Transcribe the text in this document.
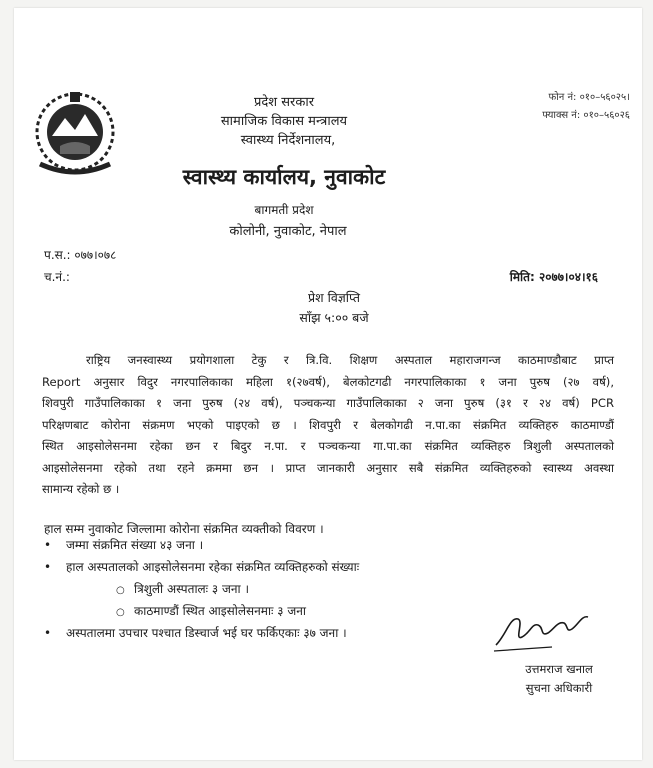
प्रदेश सरकार
सामाजिक विकास मन्त्रालय
स्वास्थ्य निर्देशनालय,
स्वास्थ्य कार्यालय, नुवाकोट
बागमती प्रदेश
कोलोनी, नुवाकोट, नेपाल
फोन नं: ०१०–५६०२५।
फ्याक्स नं: ०१०–५६०२६
प.स.: ०७७।०७८
च.नं.:	मिति: २०७७।०४।१६
प्रेश विज्ञप्ति
साँझ ५:०० बजे
राष्ट्रिय जनस्वास्थ्य प्रयोगशाला टेकु र त्रि.वि. शिक्षण अस्पताल महाराजगन्ज काठमाण्डौबाट प्राप्त
Report अनुसार विदुर नगरपालिकाका महिला १(२७वर्ष), बेलकोटगढी नगरपालिकाका १ जना पुरुष (२७ वर्ष),
शिवपुरी गाउँपालिकाका १ जना पुरुष (२४ वर्ष), पञ्चकन्या गाउँपालिकाका २ जना पुरुष (३१ र २४ वर्ष) PCR
परिक्षणबाट कोरोना संक्रमण भएको पाइएको छ । शिवपुरी र बेलकोगढी न.पा.का संक्रमित व्यक्तिहरु काठमाण्डौं
स्थित आइसोलेसनमा रहेका छन र बिदुर न.पा. र पञ्चकन्या गा.पा.का संक्रमित व्यक्तिहरु त्रिशुली अस्पतालको
आइसोलेसनमा रहेको तथा रहने क्रममा छन । प्राप्त जानकारी अनुसार सबै संक्रमित व्यक्तिहरुको स्वास्थ्य अवस्था
सामान्य रहेको छ ।
हाल सम्म नुवाकोट जिल्लामा कोरोना संक्रमित व्यक्तीको विवरण ।
• जम्मा संक्रमित संख्या ४३ जना ।
• हाल अस्पतालको आइसोलेसनमा रहेका संक्रमित व्यक्तिहरुको संख्याः
○ त्रिशुली अस्पतालः ३ जना ।
○ काठमाण्डौं स्थित आइसोलेसनमाः ३ जना
• अस्पतालमा उपचार पश्चात डिस्चार्ज भई घर फर्किएकाः ३७ जना ।
उत्तमराज खनाल
सुचना अधिकारी
